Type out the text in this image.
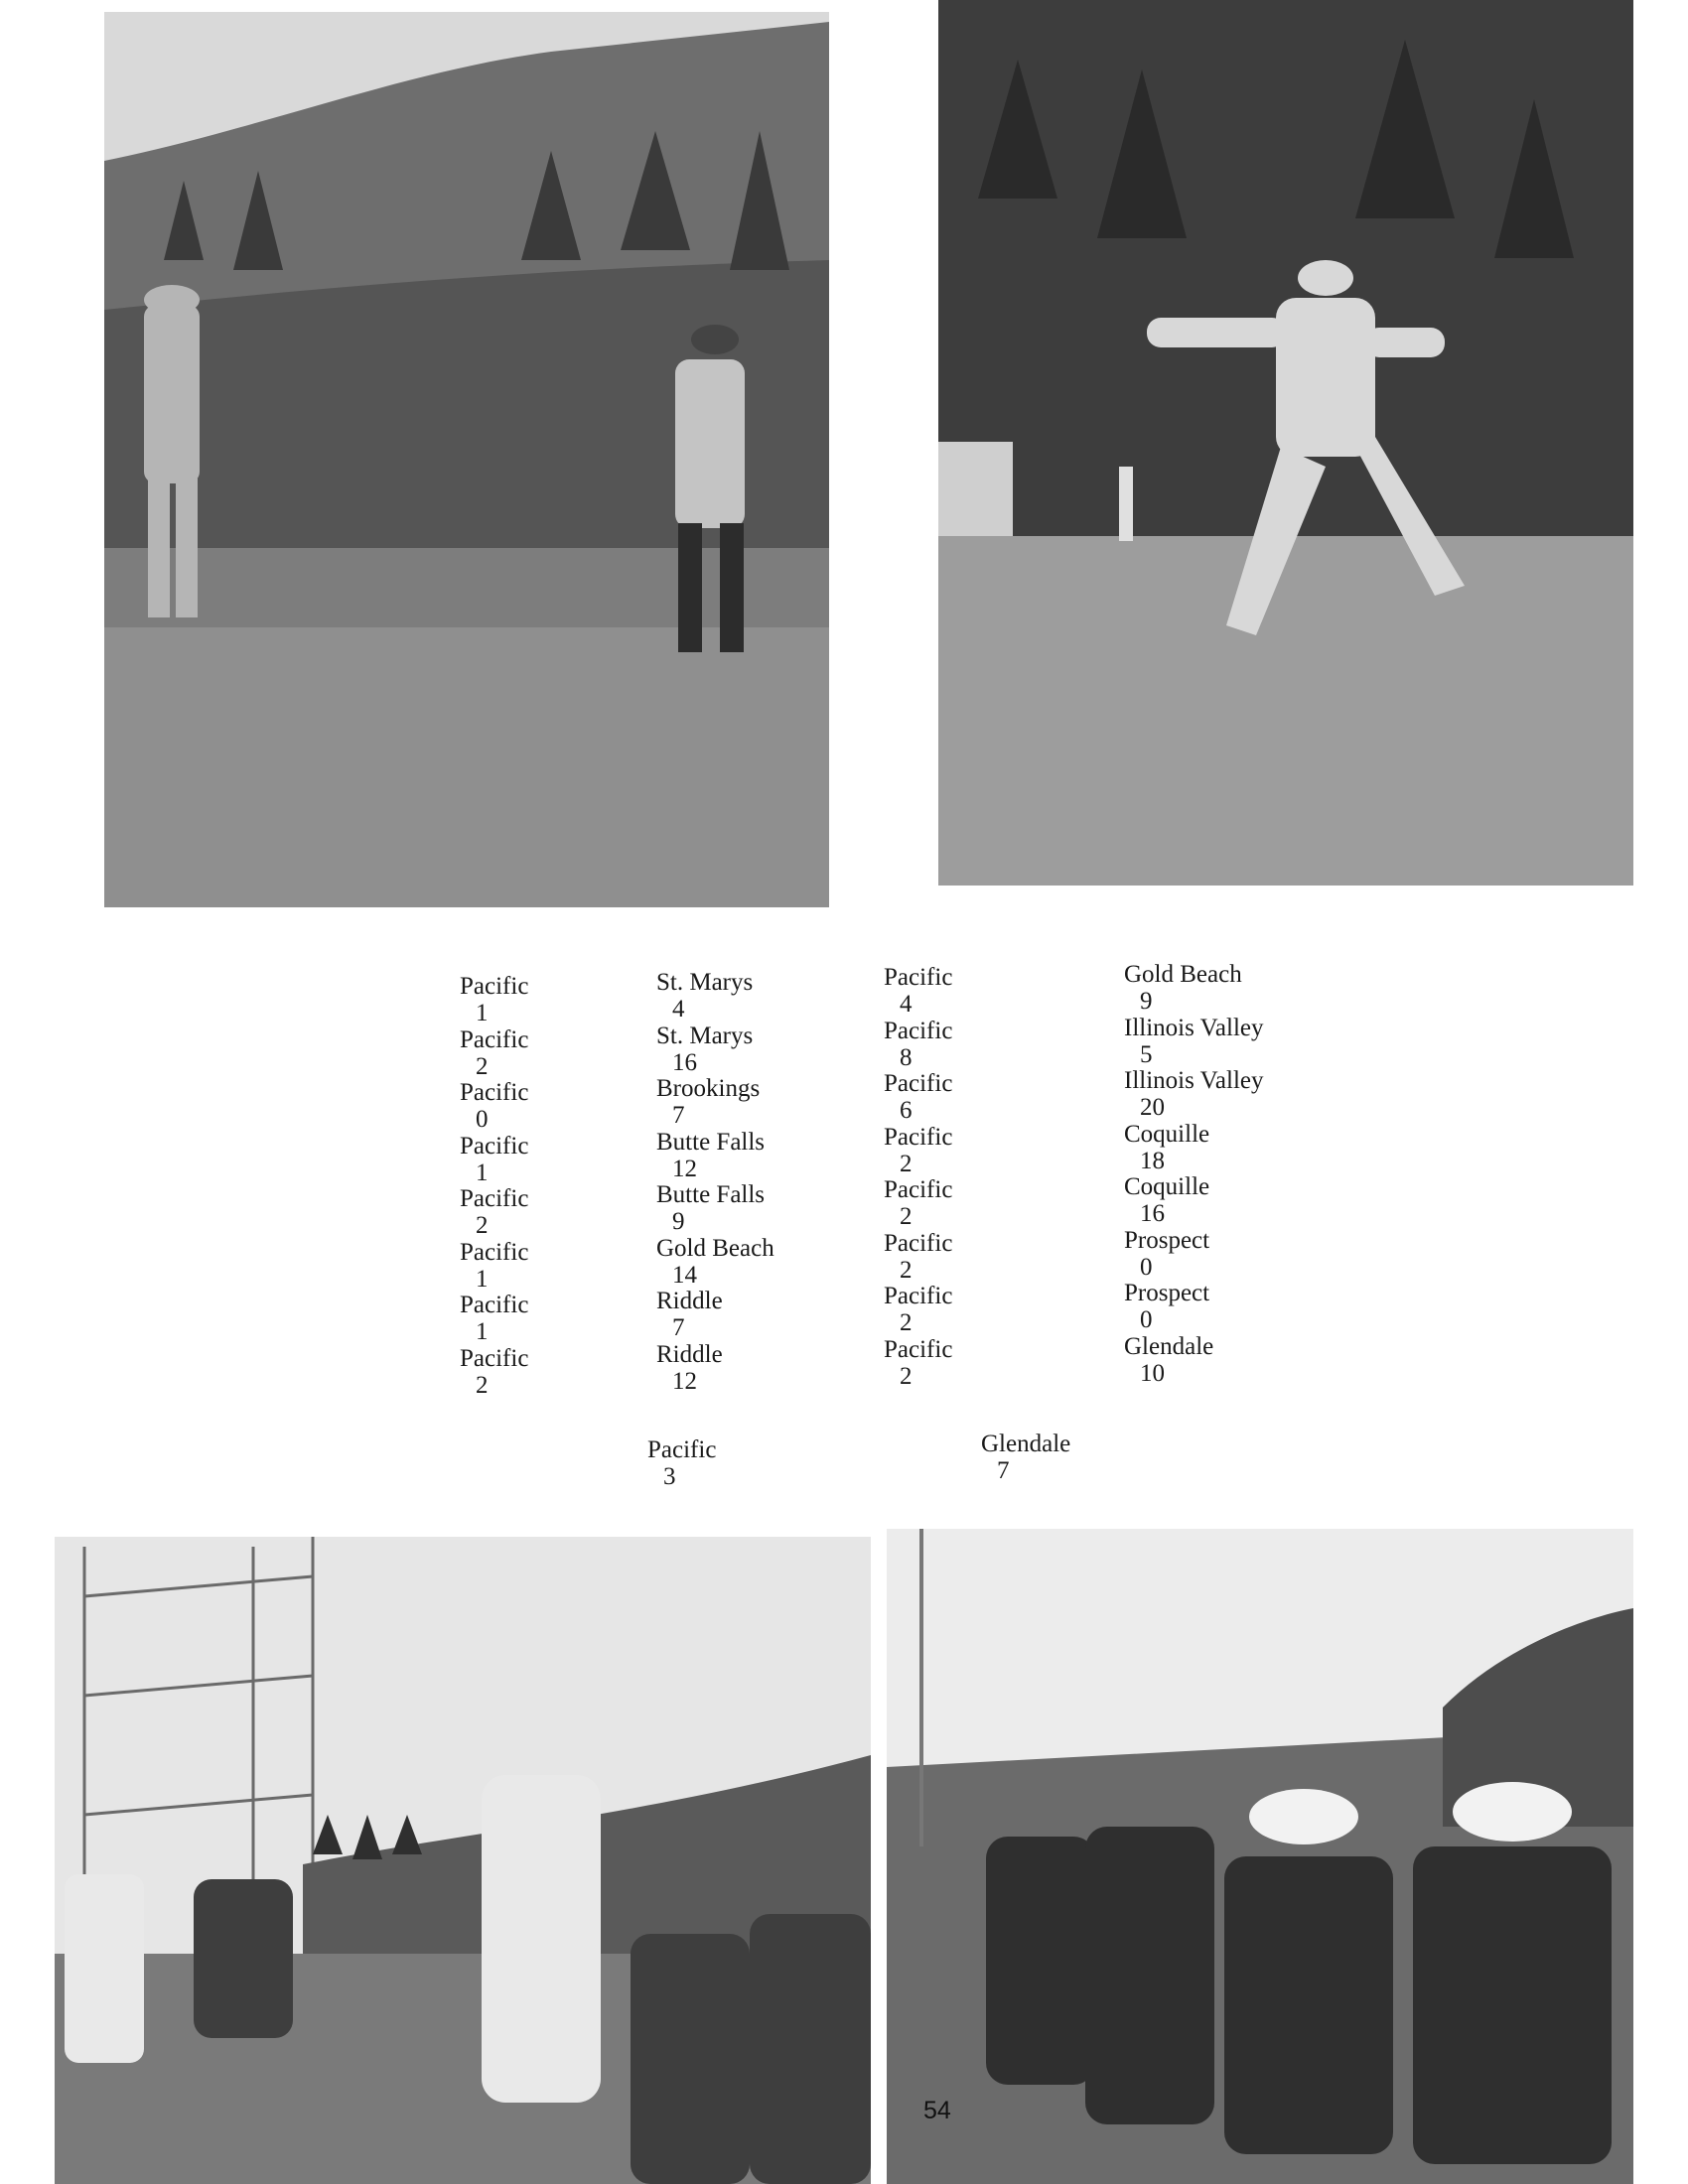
Pacific
1
Pacific
2
Pacific
0
Pacific
1
Pacific
2
Pacific
1
Pacific
1
Pacific
2
St. Marys
4
St. Marys
16
Brookings
7
Butte Falls
12
Butte Falls
9
Gold Beach
14
Riddle
7
Riddle
12
Pacific
4
Pacific
8
Pacific
6
Pacific
2
Pacific
2
Pacific
2
Pacific
2
Pacific
2
Gold Beach
9
Illinois Valley
5
Illinois Valley
20
Coquille
18
Coquille
16
Prospect
0
Prospect
0
Glendale
10
Pacific
3
Glendale
7
54
